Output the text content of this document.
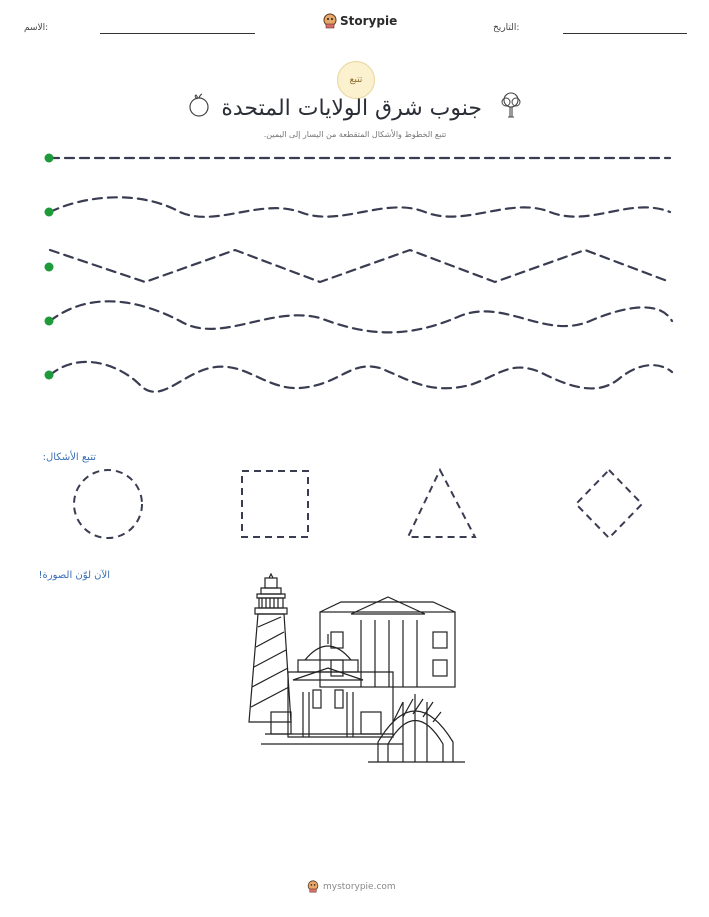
الاسم:	Storypie	التاريخ:
تتبع
جنوب شرق الولايات المتحدة
تتبع الخطوط والأشكال المتقطعة من اليسار إلى اليمين.
تتبع الأشكال:
الآن لوّن الصورة!
mystorypie.com
